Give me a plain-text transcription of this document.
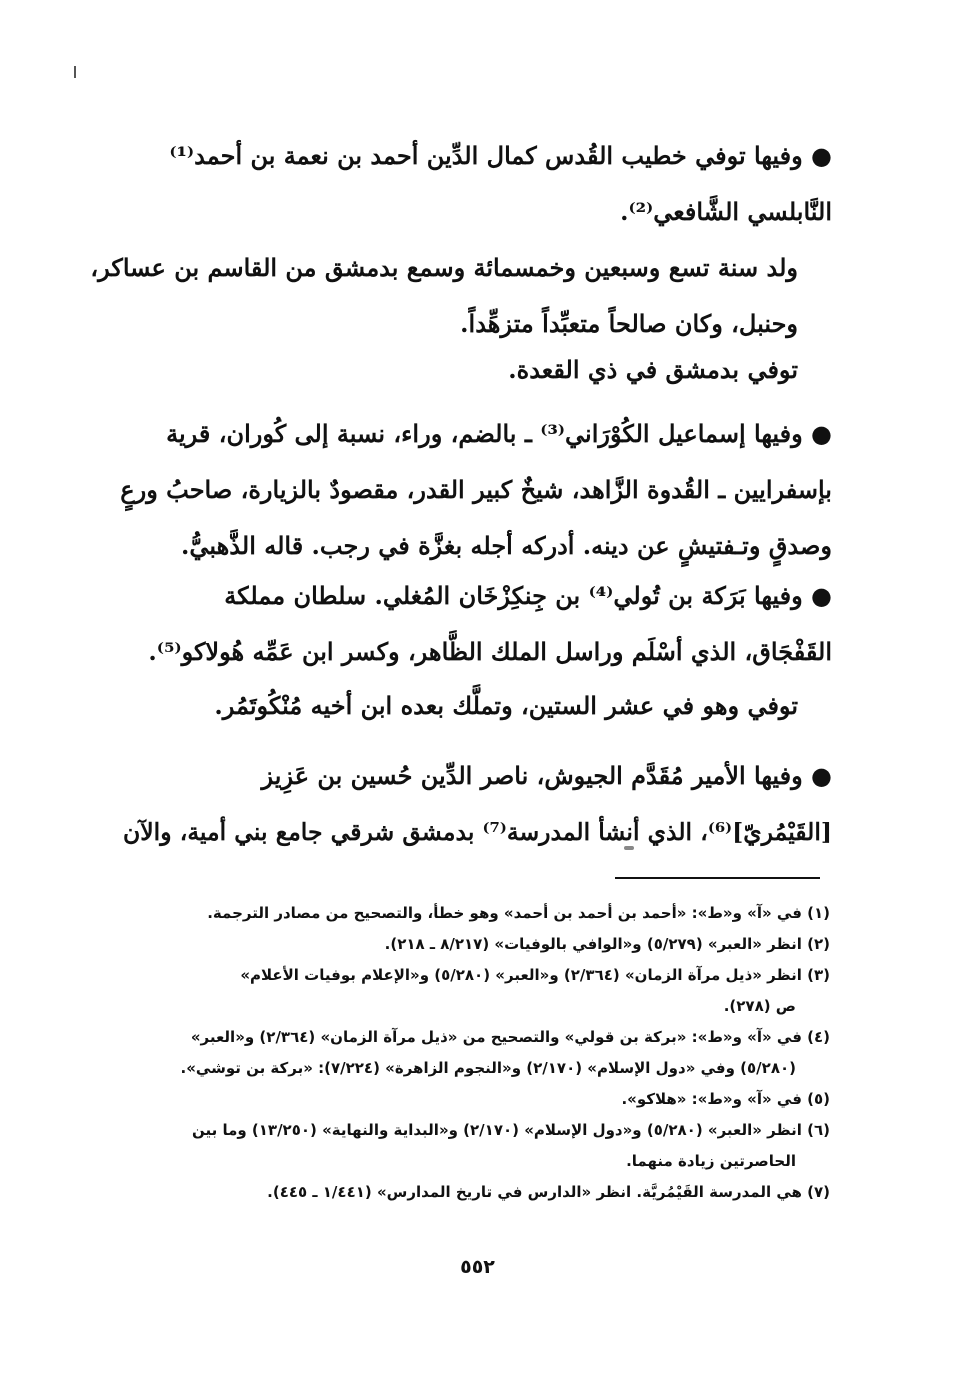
● وفيها توفي خطيب القُدس كمال الدِّين أحمد بن نعمة بن أحمد⁽¹⁾
النَّابلسي الشَّافعي⁽²⁾.
ولد سنة تسع وسبعين وخمسمائة وسمع بدمشق من القاسم بن عساكر،
وحنبل، وكان صالحاً متعبِّداً متزهِّداً.
توفي بدمشق في ذي القعدة.
● وفيها إسماعيل الكُوْرَاني⁽³⁾ ـ بالضم، وراء، نسبة إلى كُوران، قرية
بإسفرايين ـ القُدوة الزَّاهد، شيخٌ كبير القدر، مقصودٌ بالزيارة، صاحبُ ورعٍ
وصدقٍ وتـفتيشٍ عن دينه. أدركه أجله بغزَّة في رجب. قاله الذَّهبيُّ.
● وفيها بَرَكة بن تُولي⁽⁴⁾ بن جِنكِزْخَان المُغلي. سلطان مملكة
القَفْجَاق، الذي أسْلَم وراسل الملك الظَّاهر، وكسر ابن عَمِّه هُولاكو⁽⁵⁾.
توفي وهو في عشر الستين، وتملَّك بعده ابن أخيه مُنْكُوتَمُر.
● وفيها الأمير مُقَدَّم الجيوش، ناصر الدِّين حُسين بن عَزِيز
[القَيْمُريّ]⁽⁶⁾، الذي أنشأ المدرسة⁽⁷⁾ بدمشق شرقي جامع بني أمية، والآن
(١) في «آ» و«ط»: «أحمد بن أحمد بن أحمد» وهو خطأ، والتصحيح من مصادر الترجمة.
(٢) انظر «العبر» (٥/٢٧٩) و«الوافي بالوفيات» (٨/٢١٧ ـ ٢١٨).
(٣) انظر «ذيل مرآة الزمان» (٢/٣٦٤) و«العبر» (٥/٢٨٠) و«الإعلام بوفيات الأعلام»
ص (٢٧٨).
(٤) في «آ» و«ط»: «بركة بن قولي» والتصحيح من «ذيل مرآة الزمان» (٢/٣٦٤) و«العبر»
(٥/٢٨٠) وفي «دول الإسلام» (٢/١٧٠) و«النجوم الزاهرة» (٧/٢٢٤): «بركة بن توشي».
(٥) في «آ» و«ط»: «هلاكو».
(٦) انظر «العبر» (٥/٢٨٠) و«دول الإسلام» (٢/١٧٠) و«البداية والنهاية» (١٣/٢٥٠) وما بين
الحاصرتين زيادة منهما.
(٧) هي المدرسة القَيْمُريَّة. انظر «الدارس في تاريخ المدارس» (١/٤٤١ ـ ٤٤٥).
٥٥٢
